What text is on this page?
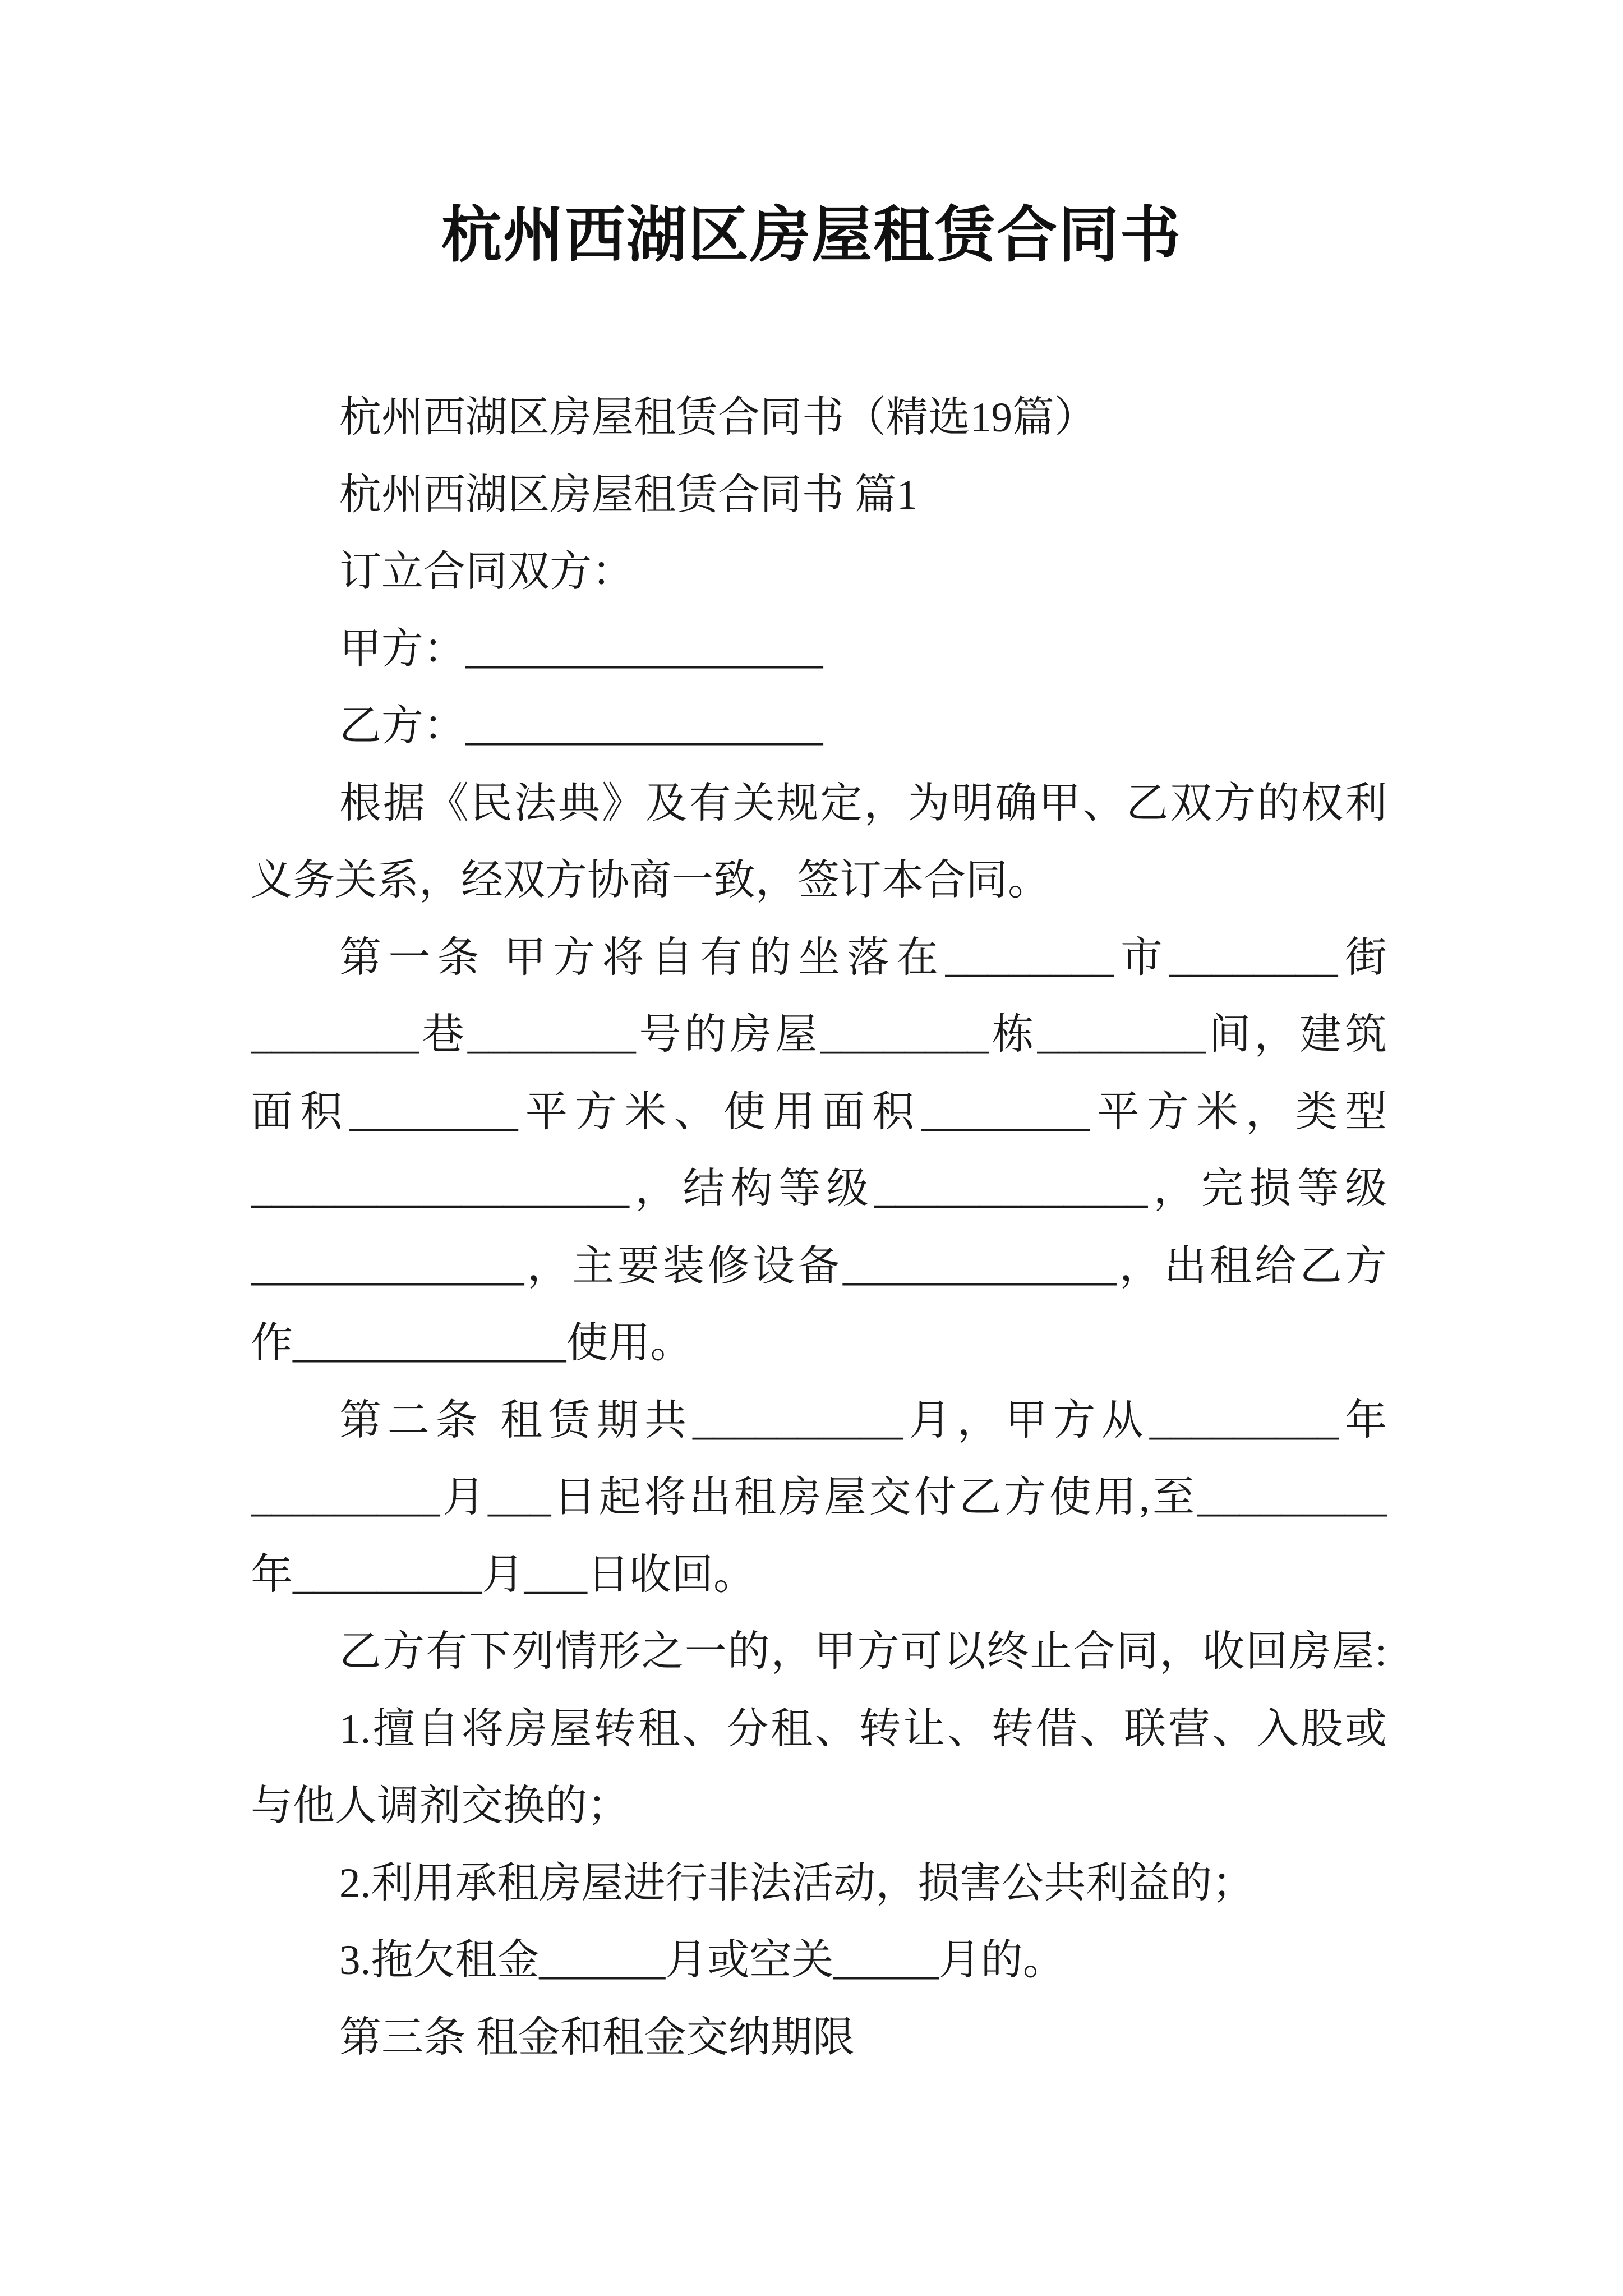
杭州西湖区房屋租赁合同书
杭州西湖区房屋租赁合同书（精选19篇）
杭州西湖区房屋租赁合同书 篇1
订立合同双方：
甲方：_________________
乙方：_________________
根据《民法典》及有关规定，为明确甲、乙双方的权利
义务关系，经双方协商一致，签订本合同。
第一条 甲方将自有的坐落在________市________街
________巷________号的房屋________栋________间，建筑
面积________平方米、使用面积________平方米，类型
__________________，结构等级_____________，完损等级
_____________，主要装修设备_____________，出租给乙方
作_____________使用。
第二条 租赁期共__________月，甲方从_________年
_________月___日起将出租房屋交付乙方使用,至_________
年_________月___日收回。
乙方有下列情形之一的，甲方可以终止合同，收回房屋:
1.擅自将房屋转租、分租、转让、转借、联营、入股或
与他人调剂交换的；
2.利用承租房屋进行非法活动，损害公共利益的；
3.拖欠租金______月或空关_____月的。
第三条 租金和租金交纳期限
